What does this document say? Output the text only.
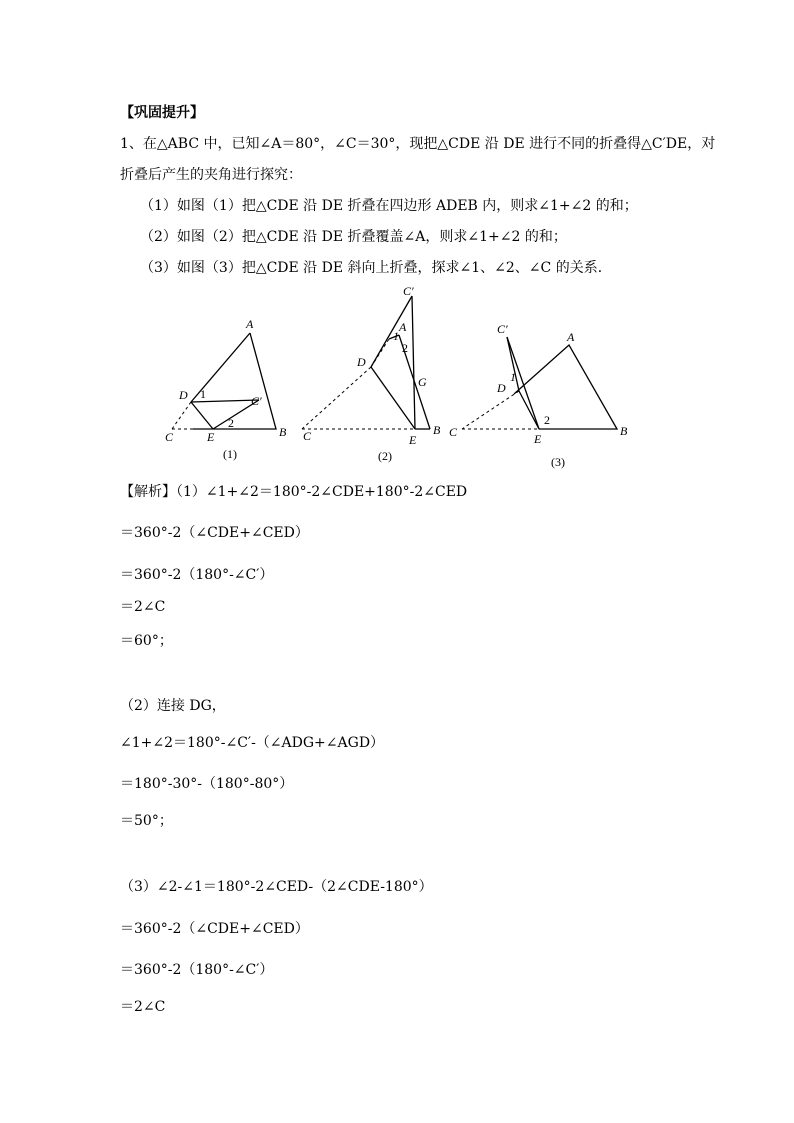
【巩固提升】
1、在△ABC 中，已知∠A＝80°，∠C＝30°，现把△CDE 沿 DE 进行不同的折叠得△C′DE，对
折叠后产生的夹角进行探究：
（1）如图（1）把△CDE 沿 DE 折叠在四边形 ADEB 内，则求∠1+∠2 的和；
（2）如图（2）把△CDE 沿 DE 折叠覆盖∠A，则求∠1+∠2 的和；
（3）如图（3）把△CDE 沿 DE 斜向上折叠，探求∠1、∠2、∠C 的关系．
A
B
C
D
E
C′
1
2
(1)
C′
A
D
G
B
C	E
1
2
(2)
C′
A
D
B
C	E
1
2
(3)
【解析】（1）∠1+∠2＝180°-2∠CDE+180°-2∠CED
＝360°-2（∠CDE+∠CED）
＝360°-2（180°-∠C′）
＝2∠C
＝60°；
（2）连接 DG，
∠1+∠2＝180°-∠C′-（∠ADG+∠AGD）
＝180°-30°-（180°-80°）
＝50°；
（3）∠2-∠1＝180°-2∠CED-（2∠CDE-180°）
＝360°-2（∠CDE+∠CED）
＝360°-2（180°-∠C′）
＝2∠C
